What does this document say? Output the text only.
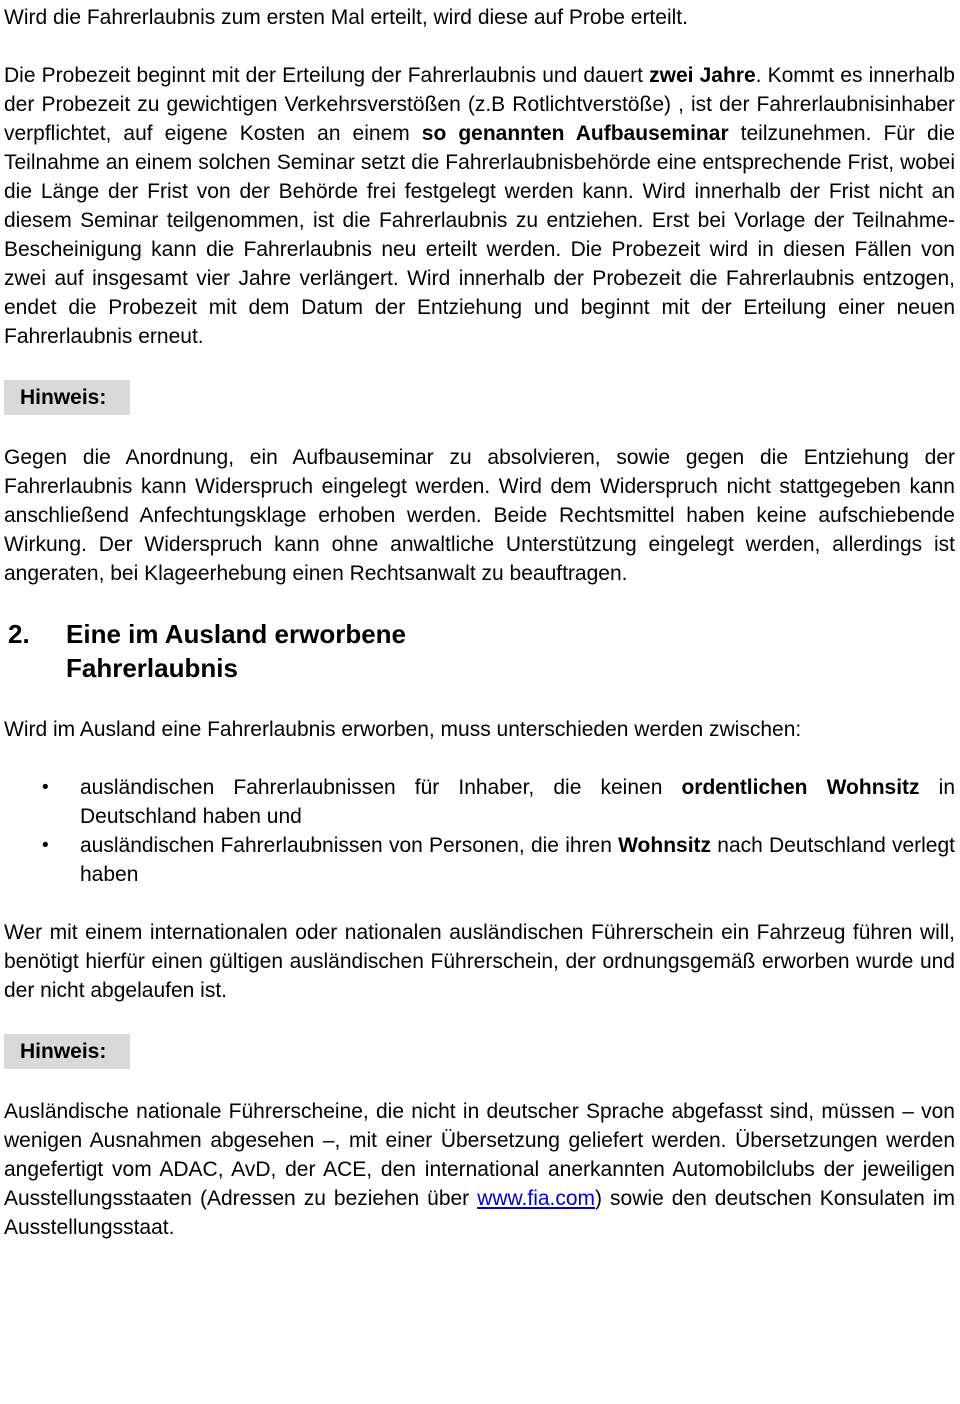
Wird die Fahrerlaubnis zum ersten Mal erteilt, wird diese auf Probe erteilt.

Die Probezeit beginnt mit der Erteilung der Fahrerlaubnis und dauert zwei Jahre. Kommt es innerhalb der Probezeit zu gewichtigen Verkehrsverstößen (z.B Rotlichtverstöße) , ist der Fahrerlaubnisinhaber verpflichtet, auf eigene Kosten an einem so genannten Aufbauseminar teilzunehmen. Für die Teilnahme an einem solchen Seminar setzt die Fahrerlaubnisbehörde eine entsprechende Frist, wobei die Länge der Frist von der Behörde frei festgelegt werden kann. Wird innerhalb der Frist nicht an diesem Seminar teilgenommen, ist die Fahrerlaubnis zu entziehen. Erst bei Vorlage der Teilnahme-Bescheinigung kann die Fahrerlaubnis neu erteilt werden. Die Probezeit wird in diesen Fällen von zwei auf insgesamt vier Jahre verlängert. Wird innerhalb der Probezeit die Fahrerlaubnis entzogen, endet die Probezeit mit dem Datum der Entziehung und beginnt mit der Erteilung einer neuen Fahrerlaubnis erneut.

Hinweis:

Gegen die Anordnung, ein Aufbauseminar zu absolvieren, sowie gegen die Entziehung der Fahrerlaubnis kann Widerspruch eingelegt werden. Wird dem Widerspruch nicht stattgegeben kann anschließend Anfechtungsklage erhoben werden. Beide Rechtsmittel haben keine aufschiebende Wirkung. Der Widerspruch kann ohne anwaltliche Unterstützung eingelegt werden, allerdings ist angeraten, bei Klageerhebung einen Rechtsanwalt zu beauftragen.

2.	Eine im Ausland erworbene
Fahrerlaubnis

Wird im Ausland eine Fahrerlaubnis erworben, muss unterschieden werden zwischen:

•	ausländischen Fahrerlaubnissen für Inhaber, die keinen ordentlichen Wohnsitz in Deutschland haben und
•	ausländischen Fahrerlaubnissen von Personen, die ihren Wohnsitz nach Deutschland verlegt haben

Wer mit einem internationalen oder nationalen ausländischen Führerschein ein Fahrzeug führen will, benötigt hierfür einen gültigen ausländischen Führerschein, der ordnungsgemäß erworben wurde und der nicht abgelaufen ist.

Hinweis:

Ausländische nationale Führerscheine, die nicht in deutscher Sprache abgefasst sind, müssen – von wenigen Ausnahmen abgesehen –, mit einer Übersetzung geliefert werden. Übersetzungen werden angefertigt vom ADAC, AvD, der ACE, den international anerkannten Automobilclubs der jeweiligen Ausstellungsstaaten (Adressen zu beziehen über www.fia.com) sowie den deutschen Konsulaten im Ausstellungsstaat.
